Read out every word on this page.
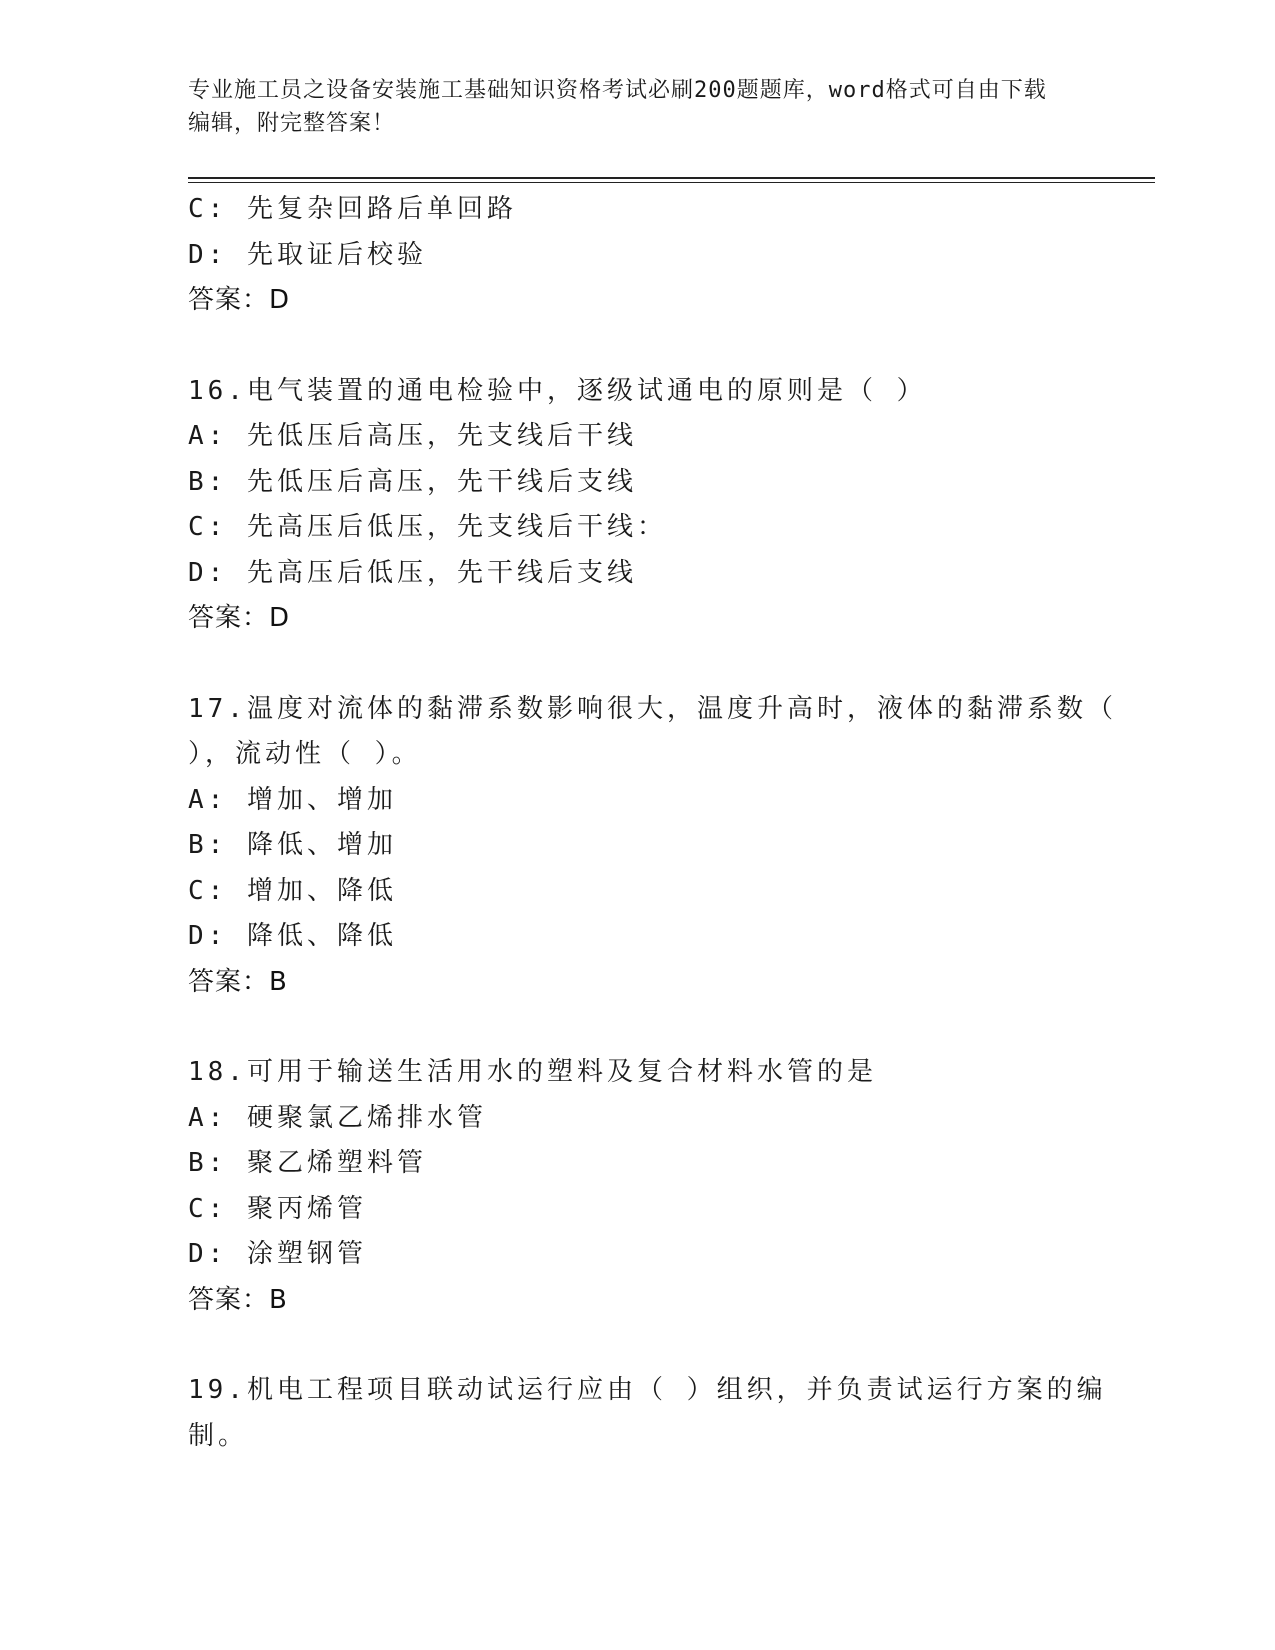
专业施工员之设备安装施工基础知识资格考试必刷200题题库，word格式可自由下载编辑，附完整答案！
C: 先复杂回路后单回路
D: 先取证后校验
答案：D
16.电气装置的通电检验中，逐级试通电的原则是（ ）
A: 先低压后高压，先支线后干线
B: 先低压后高压，先干线后支线
C: 先高压后低压，先支线后干线：
D: 先高压后低压，先干线后支线
答案：D
17.温度对流体的黏滞系数影响很大，温度升高时，液体的黏滞系数（
），流动性（ ）。
A: 增加、增加
B: 降低、增加
C: 增加、降低
D: 降低、降低
答案：B
18.可用于输送生活用水的塑料及复合材料水管的是
A: 硬聚氯乙烯排水管
B: 聚乙烯塑料管
C: 聚丙烯管
D: 涂塑钢管
答案：B
19.机电工程项目联动试运行应由（ ）组织，并负责试运行方案的编
制。
